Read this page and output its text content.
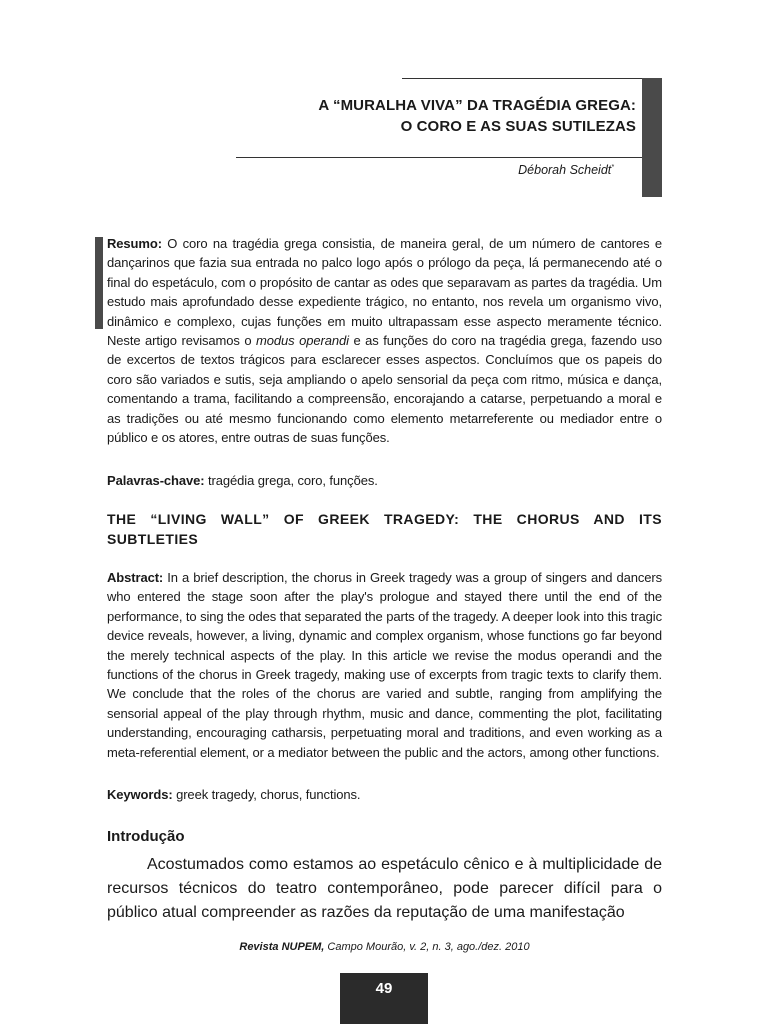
A “MURALHA VIVA” DA TRAGÉDIA GREGA:
O CORO E AS SUAS SUTILEZAS
Déborah Scheidt*
Resumo: O coro na tragédia grega consistia, de maneira geral, de um número de cantores e dançarinos que fazia sua entrada no palco logo após o prólogo da peça, lá permanecendo até o final do espetáculo, com o propósito de cantar as odes que separavam as partes da tragédia. Um estudo mais aprofundado desse expediente trágico, no entanto, nos revela um organismo vivo, dinâmico e complexo, cujas funções em muito ultrapassam esse aspecto meramente técnico. Neste artigo revisamos o modus operandi e as funções do coro na tragédia grega, fazendo uso de excertos de textos trágicos para esclarecer esses aspectos. Concluímos que os papeis do coro são variados e sutis, seja ampliando o apelo sensorial da peça com ritmo, música e dança, comentando a trama, facilitando a compreensão, encorajando a catarse, perpetuando a moral e as tradições ou até mesmo funcionando como elemento metarreferente ou mediador entre o público e os atores, entre outras de suas funções.
Palavras-chave: tragédia grega, coro, funções.
THE “LIVING WALL” OF GREEK TRAGEDY: THE CHORUS AND ITS SUBTLETIES
Abstract: In a brief description, the chorus in Greek tragedy was a group of singers and dancers who entered the stage soon after the play's prologue and stayed there until the end of the performance, to sing the odes that separated the parts of the tragedy. A deeper look into this tragic device reveals, however, a living, dynamic and complex organism, whose functions go far beyond the merely technical aspects of the play. In this article we revise the modus operandi and the functions of the chorus in Greek tragedy, making use of excerpts from tragic texts to clarify them. We conclude that the roles of the chorus are varied and subtle, ranging from amplifying the sensorial appeal of the play through rhythm, music and dance, commenting the plot, facilitating understanding, encouraging catharsis, perpetuating moral and traditions, and even working as a meta-referential element, or a mediator between the public and the actors, among other functions.
Keywords: greek tragedy, chorus, functions.
Introdução
Acostumados como estamos ao espetáculo cênico e à multiplicidade de recursos técnicos do teatro contemporâneo, pode parecer difícil para o público atual compreender as razões da reputação de uma manifestação
Revista NUPEM, Campo Mourão, v. 2, n. 3, ago./dez. 2010
49
